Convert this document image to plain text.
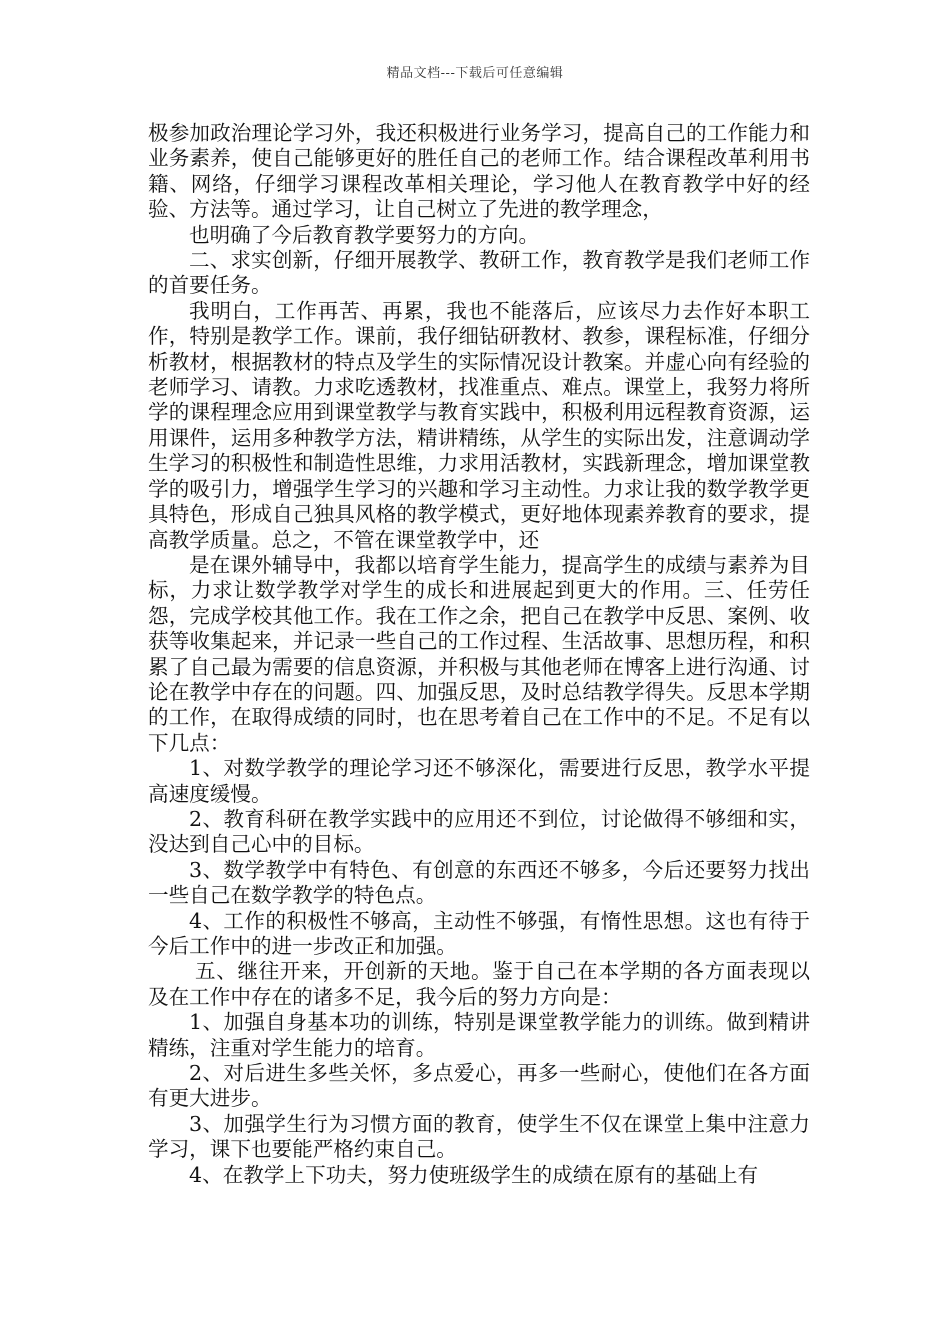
精品文档---下载后可任意编辑

极参加政治理论学习外，我还积极进行业务学习，提高自己的工作能力和业务素养，使自己能够更好的胜任自己的老师工作。结合课程改革利用书籍、网络，仔细学习课程改革相关理论，学习他人在教育教学中好的经验、方法等。通过学习，让自己树立了先进的教学理念，

也明确了今后教育教学要努力的方向。

二、求实创新，仔细开展教学、教研工作，教育教学是我们老师工作的首要任务。

我明白，工作再苦、再累，我也不能落后，应该尽力去作好本职工作，特别是教学工作。课前，我仔细钻研教材、教参，课程标准，仔细分析教材，根据教材的特点及学生的实际情况设计教案。并虚心向有经验的老师学习、请教。力求吃透教材，找准重点、难点。课堂上，我努力将所学的课程理念应用到课堂教学与教育实践中，积极利用远程教育资源，运用课件，运用多种教学方法，精讲精练，从学生的实际出发，注意调动学生学习的积极性和制造性思维，力求用活教材，实践新理念，增加课堂教学的吸引力，增强学生学习的兴趣和学习主动性。力求让我的数学教学更具特色，形成自己独具风格的教学模式，更好地体现素养教育的要求，提高教学质量。总之，不管在课堂教学中，还

是在课外辅导中，我都以培育学生能力，提高学生的成绩与素养为目标，力求让数学教学对学生的成长和进展起到更大的作用。三、任劳任怨，完成学校其他工作。我在工作之余，把自己在教学中反思、案例、收获等收集起来，并记录一些自己的工作过程、生活故事、思想历程，和积累了自己最为需要的信息资源，并积极与其他老师在博客上进行沟通、讨论在教学中存在的问题。四、加强反思，及时总结教学得失。反思本学期的工作，在取得成绩的同时，也在思考着自己在工作中的不足。不足有以下几点：

1、对数学教学的理论学习还不够深化，需要进行反思，教学水平提高速度缓慢。

2、教育科研在教学实践中的应用还不到位，讨论做得不够细和实，没达到自己心中的目标。

3、数学教学中有特色、有创意的东西还不够多，今后还要努力找出一些自己在数学教学的特色点。

4、工作的积极性不够高，主动性不够强，有惰性思想。这也有待于今后工作中的进一步改正和加强。

五、继往开来，开创新的天地。鉴于自己在本学期的各方面表现以及在工作中存在的诸多不足，我今后的努力方向是：

1、加强自身基本功的训练，特别是课堂教学能力的训练。做到精讲精练，注重对学生能力的培育。

2、对后进生多些关怀，多点爱心，再多一些耐心，使他们在各方面有更大进步。

3、加强学生行为习惯方面的教育，使学生不仅在课堂上集中注意力学习，课下也要能严格约束自己。

4、在教学上下功夫，努力使班级学生的成绩在原有的基础上有
